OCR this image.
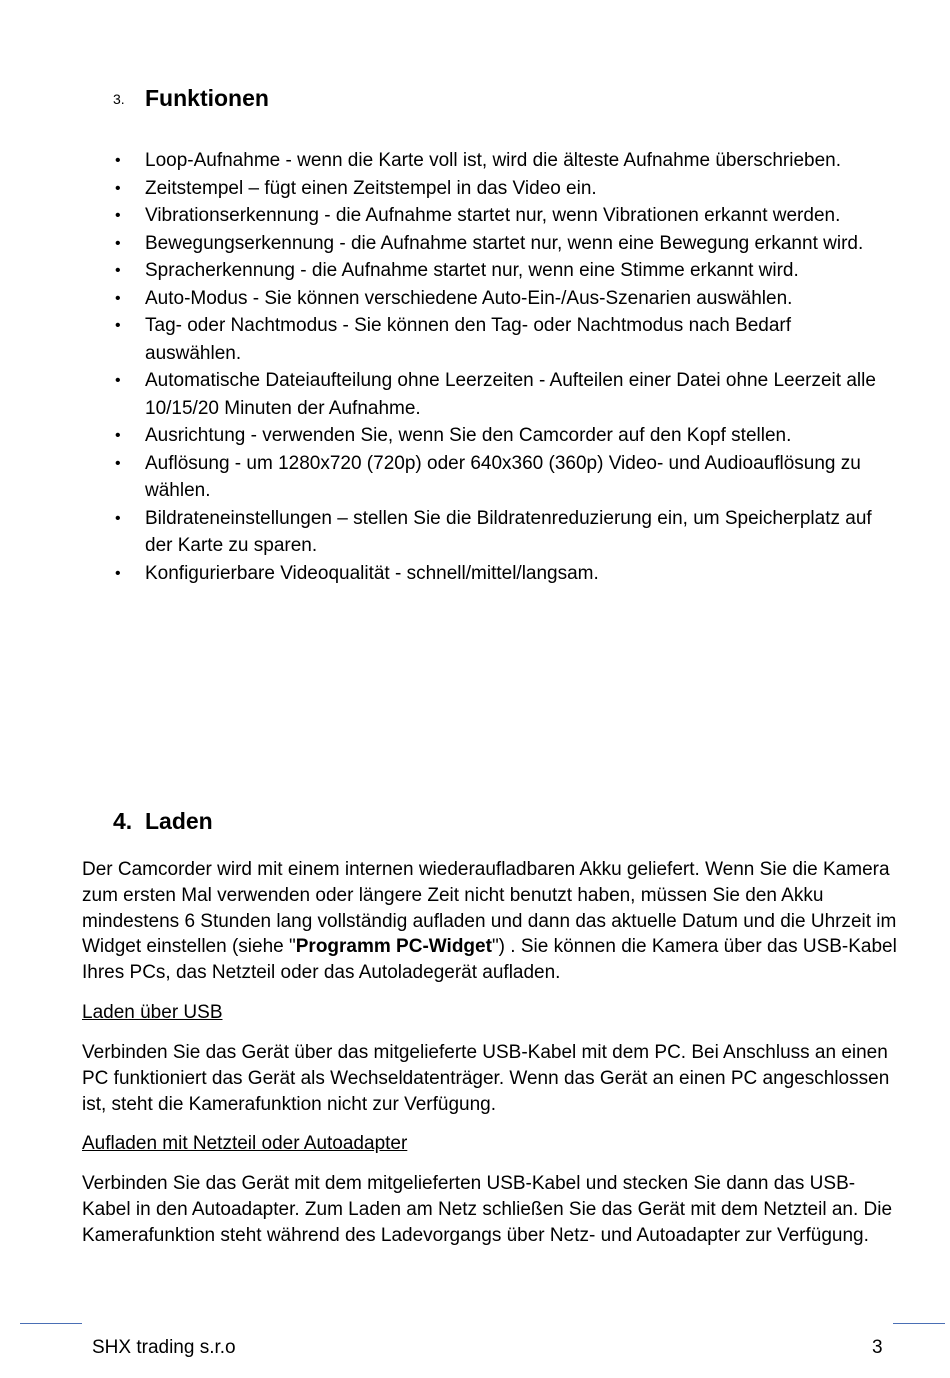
3. Funktionen
• Loop-Aufnahme - wenn die Karte voll ist, wird die älteste Aufnahme überschrieben.
• Zeitstempel – fügt einen Zeitstempel in das Video ein.
• Vibrationserkennung - die Aufnahme startet nur, wenn Vibrationen erkannt werden.
• Bewegungserkennung - die Aufnahme startet nur, wenn eine Bewegung erkannt wird.
• Spracherkennung - die Aufnahme startet nur, wenn eine Stimme erkannt wird.
• Auto-Modus - Sie können verschiedene Auto-Ein-/Aus-Szenarien auswählen.
• Tag- oder Nachtmodus - Sie können den Tag- oder Nachtmodus nach Bedarf auswählen.
• Automatische Dateiaufteilung ohne Leerzeiten - Aufteilen einer Datei ohne Leerzeit alle 10/15/20 Minuten der Aufnahme.
• Ausrichtung - verwenden Sie, wenn Sie den Camcorder auf den Kopf stellen.
• Auflösung - um 1280x720 (720p) oder 640x360 (360p) Video- und Audioauflösung zu wählen.
• Bildrateneinstellungen – stellen Sie die Bildratenreduzierung ein, um Speicherplatz auf der Karte zu sparen.
• Konfigurierbare Videoqualität - schnell/mittel/langsam.
4. Laden

Der Camcorder wird mit einem internen wiederaufladbaren Akku geliefert. Wenn Sie die Kamera zum ersten Mal verwenden oder längere Zeit nicht benutzt haben, müssen Sie den Akku mindestens 6 Stunden lang vollständig aufladen und dann das aktuelle Datum und die Uhrzeit im Widget einstellen (siehe "Programm PC-Widget") . Sie können die Kamera über das USB-Kabel Ihres PCs, das Netzteil oder das Autoladegerät aufladen.

Laden über USB

Verbinden Sie das Gerät über das mitgelieferte USB-Kabel mit dem PC. Bei Anschluss an einen PC funktioniert das Gerät als Wechseldatenträger. Wenn das Gerät an einen PC angeschlossen ist, steht die Kamerafunktion nicht zur Verfügung.

Aufladen mit Netzteil oder Autoadapter

Verbinden Sie das Gerät mit dem mitgelieferten USB-Kabel und stecken Sie dann das USB-Kabel in den Autoadapter. Zum Laden am Netz schließen Sie das Gerät mit dem Netzteil an. Die Kamerafunktion steht während des Ladevorgangs über Netz- und Autoadapter zur Verfügung.

SHX trading s.r.o	3
